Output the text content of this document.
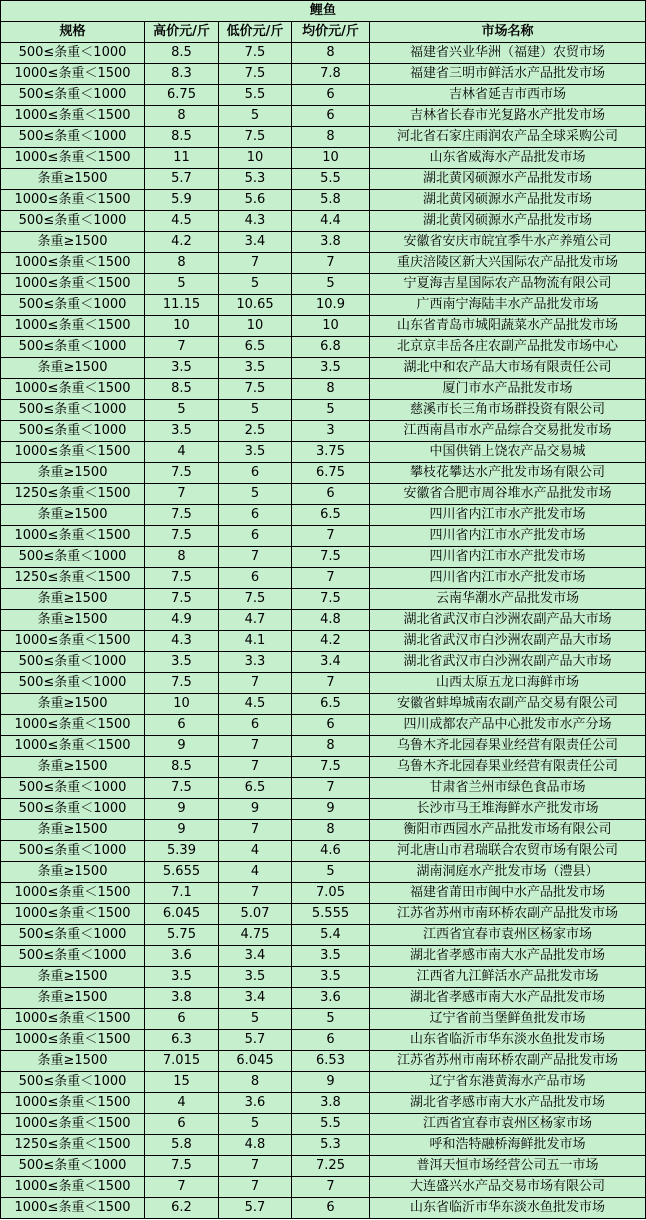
鲤鱼				
规格	高价元/斤	低价元/斤	均价元/斤	市场名称
500≤条重＜1000	8.5	7.5	8	福建省兴业华洲（福建）农贸市场
1000≤条重＜1500	8.3	7.5	7.8	福建省三明市鲜活水产品批发市场
500≤条重＜1000	6.75	5.5	6	吉林省延吉市西市场
1000≤条重＜1500	8	5	6	吉林省长春市光复路水产批发市场
500≤条重＜1000	8.5	7.5	8	河北省石家庄雨润农产品全球采购公司
1000≤条重＜1500	11	10	10	山东省威海水产品批发市场
条重≥1500	5.7	5.3	5.5	湖北黄冈硕源水产品批发市场
1000≤条重＜1500	5.9	5.6	5.8	湖北黄冈硕源水产品批发市场
500≤条重＜1000	4.5	4.3	4.4	湖北黄冈硕源水产品批发市场
条重≥1500	4.2	3.4	3.8	安徽省安庆市皖宜季牛水产养殖公司
1000≤条重＜1500	8	7	7	重庆涪陵区新大兴国际农产品批发市场
1000≤条重＜1500	5	5	5	宁夏海吉星国际农产品物流有限公司
500≤条重＜1000	11.15	10.65	10.9	广西南宁海陆丰水产品批发市场
1000≤条重＜1500	10	10	10	山东省青岛市城阳蔬菜水产品批发市场
500≤条重＜1000	7	6.5	6.8	北京京丰岳各庄农副产品批发市场中心
条重≥1500	3.5	3.5	3.5	湖北中和农产品大市场有限责任公司
1000≤条重＜1500	8.5	7.5	8	厦门市水产品批发市场
500≤条重＜1000	5	5	5	慈溪市长三角市场群投资有限公司
500≤条重＜1000	3.5	2.5	3	江西南昌市水产品综合交易批发市场
1000≤条重＜1500	4	3.5	3.75	中国供销上饶农产品交易城
条重≥1500	7.5	6	6.75	攀枝花攀达水产批发市场有限公司
1250≤条重＜1500	7	5	6	安徽省合肥市周谷堆水产品批发市场
条重≥1500	7.5	6	6.5	四川省内江市水产批发市场
1000≤条重＜1500	7.5	6	7	四川省内江市水产批发市场
500≤条重＜1000	8	7	7.5	四川省内江市水产批发市场
1250≤条重＜1500	7.5	6	7	四川省内江市水产批发市场
条重≥1500	7.5	7.5	7.5	云南华潮水产品批发市场
条重≥1500	4.9	4.7	4.8	湖北省武汉市白沙洲农副产品大市场
1000≤条重＜1500	4.3	4.1	4.2	湖北省武汉市白沙洲农副产品大市场
500≤条重＜1000	3.5	3.3	3.4	湖北省武汉市白沙洲农副产品大市场
500≤条重＜1000	7.5	7	7	山西太原五龙口海鲜市场
条重≥1500	10	4.5	6.5	安徽省蚌埠城南农副产品交易有限公司
1000≤条重＜1500	6	6	6	四川成都农产品中心批发市水产分场
1000≤条重＜1500	9	7	8	乌鲁木齐北园春果业经营有限责任公司
条重≥1500	8.5	7	7.5	乌鲁木齐北园春果业经营有限责任公司
500≤条重＜1000	7.5	6.5	7	甘肃省兰州市绿色食品市场
500≤条重＜1000	9	9	9	长沙市马王堆海鲜水产批发市场
条重≥1500	9	7	8	衡阳市西园水产品批发市场有限公司
500≤条重＜1000	5.39	4	4.6	河北唐山市君瑞联合农贸市场有限公司
条重≥1500	5.655	4	5	湖南洞庭水产批发市场（澧县）
1000≤条重＜1500	7.1	7	7.05	福建省莆田市闽中水产品批发市场
1000≤条重＜1500	6.045	5.07	5.555	江苏省苏州市南环桥农副产品批发市场
500≤条重＜1000	5.75	4.75	5.4	江西省宜春市袁州区杨家市场
500≤条重＜1000	3.6	3.4	3.5	湖北省孝感市南大水产品批发市场
条重≥1500	3.5	3.5	3.5	江西省九江鲜活水产品批发市场
条重≥1500	3.8	3.4	3.6	湖北省孝感市南大水产品批发市场
1000≤条重＜1500	6	5	5	辽宁省前当堡鲜鱼批发市场
1000≤条重＜1500	6.3	5.7	6	山东省临沂市华东淡水鱼批发市场
条重≥1500	7.015	6.045	6.53	江苏省苏州市南环桥农副产品批发市场
500≤条重＜1000	15	8	9	辽宁省东港黄海水产品市场
1000≤条重＜1500	4	3.6	3.8	湖北省孝感市南大水产品批发市场
1000≤条重＜1500	6	5	5.5	江西省宜春市袁州区杨家市场
1250≤条重＜1500	5.8	4.8	5.3	呼和浩特融桥海鲜批发市场
500≤条重＜1000	7.5	7	7.25	普洱天恒市场经营公司五一市场
1000≤条重＜1500	7	7	7	大连盛兴水产品交易市场有限公司
1000≤条重＜1500	6.2	5.7	6	山东省临沂市华东淡水鱼批发市场
